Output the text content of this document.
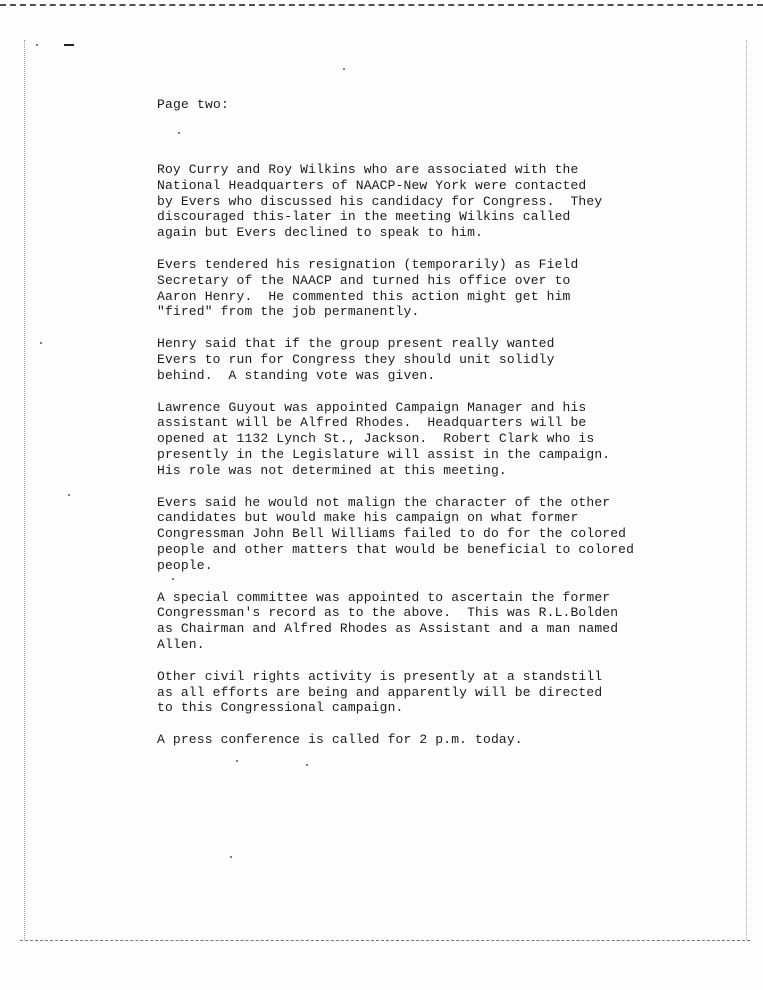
Page two:
Roy Curry and Roy Wilkins who are associated with the
National Headquarters of NAACP-New York were contacted
by Evers who discussed his candidacy for Congress.  They
discouraged this-later in the meeting Wilkins called
again but Evers declined to speak to him.
Evers tendered his resignation (temporarily) as Field
Secretary of the NAACP and turned his office over to
Aaron Henry.  He commented this action might get him
"fired" from the job permanently.
Henry said that if the group present really wanted
Evers to run for Congress they should unit solidly
behind.  A standing vote was given.
Lawrence Guyout was appointed Campaign Manager and his
assistant will be Alfred Rhodes.  Headquarters will be
opened at 1132 Lynch St., Jackson.  Robert Clark who is
presently in the Legislature will assist in the campaign.
His role was not determined at this meeting.
Evers said he would not malign the character of the other
candidates but would make his campaign on what former
Congressman John Bell Williams failed to do for the colored
people and other matters that would be beneficial to colored
people.
A special committee was appointed to ascertain the former
Congressman's record as to the above.  This was R.L.Bolden
as Chairman and Alfred Rhodes as Assistant and a man named
Allen.
Other civil rights activity is presently at a standstill
as all efforts are being and apparently will be directed
to this Congressional campaign.
A press conference is called for 2 p.m. today.
